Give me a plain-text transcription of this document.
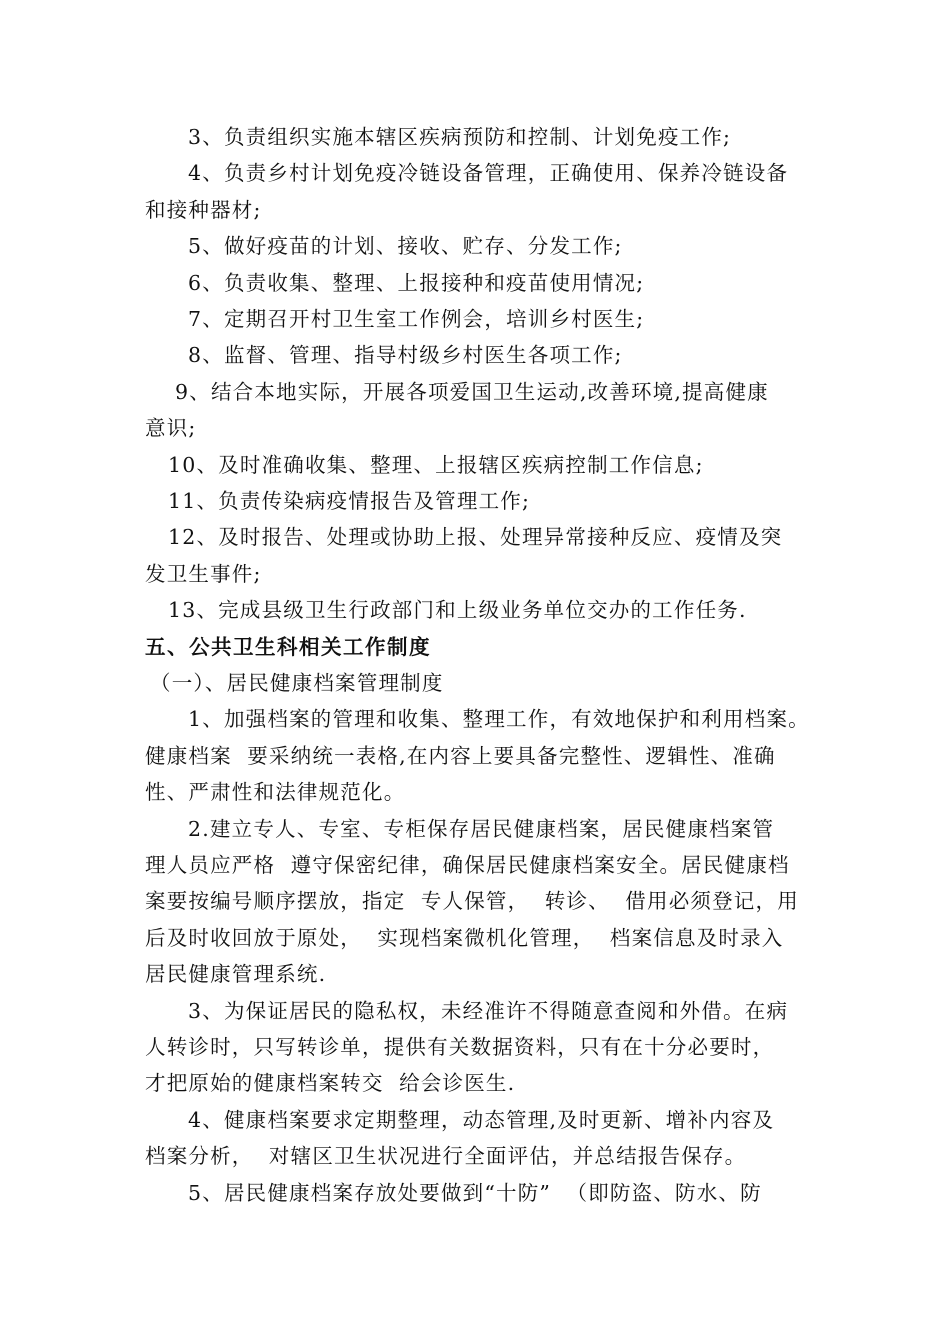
3、负责组织实施本辖区疾病预防和控制、计划免疫工作;
4、负责乡村计划免疫冷链设备管理，正确使用、保养冷链设备
和接种器材;
5、做好疫苗的计划、接收、贮存、分发工作;
6、负责收集、整理、上报接种和疫苗使用情况;
7、定期召开村卫生室工作例会，培训乡村医生;
8、监督、管理、指导村级乡村医生各项工作;
9、结合本地实际，开展各项爱国卫生运动,改善环境,提高健康
意识;
10、及时准确收集、整理、上报辖区疾病控制工作信息;
11、负责传染病疫情报告及管理工作;
12、及时报告、处理或协助上报、处理异常接种反应、疫情及突
发卫生事件;
13、完成县级卫生行政部门和上级业务单位交办的工作任务.
五、公共卫生科相关工作制度
（一）、居民健康档案管理制度
1、加强档案的管理和收集、整理工作，有效地保护和利用档案。
健康档案  要采纳统一表格,在内容上要具备完整性、逻辑性、准确
性、严肃性和法律规范化。
2.建立专人、专室、专柜保存居民健康档案，居民健康档案管
理人员应严格  遵守保密纪律，确保居民健康档案安全。居民健康档
案要按编号顺序摆放，指定  专人保管，  转诊、  借用必须登记，用
后及时收回放于原处，  实现档案微机化管理，  档案信息及时录入
居民健康管理系统.
3、为保证居民的隐私权，未经准许不得随意查阅和外借。在病
人转诊时，只写转诊单，提供有关数据资料，只有在十分必要时，
才把原始的健康档案转交  给会诊医生.
4、健康档案要求定期整理，动态管理,及时更新、增补内容及
档案分析，  对辖区卫生状况进行全面评估，并总结报告保存。
5、居民健康档案存放处要做到“十防”  （即防盗、防水、防
